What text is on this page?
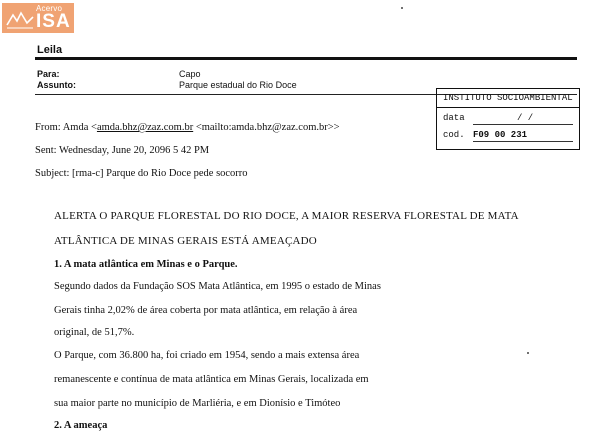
Acervo
ISA
Leila
Para:	Capo
Assunto:	Parque estadual do Rio Doce
INSTITUTO SOCIOAMBIENTAL
data	/ /
cod. F09 00 231
From: Amda <amda.bhz@zaz.com.br <mailto:amda.bhz@zaz.com.br>>
Sent: Wednesday, June 20, 2096 5 42 PM
Subject: [rma-c] Parque do Rio Doce pede socorro
ALERTA O PARQUE FLORESTAL DO RIO DOCE, A MAIOR RESERVA FLORESTAL DE MATA
ATLÂNTICA DE MINAS GERAIS ESTÁ AMEAÇADO
1. A mata atlântica em Minas e o Parque.
Segundo dados da Fundação SOS Mata Atlântica, em 1995 o estado de Minas
Gerais tinha 2,02% de área coberta por mata atlântica, em relação à área
original, de 51,7%.
O Parque, com 36.800 ha, foi criado em 1954, sendo a mais extensa área
remanescente e contínua de mata atlântica em Minas Gerais, localizada em
sua maior parte no município de Marliéria, e em Dionísio e Timóteo
2. A ameaça
